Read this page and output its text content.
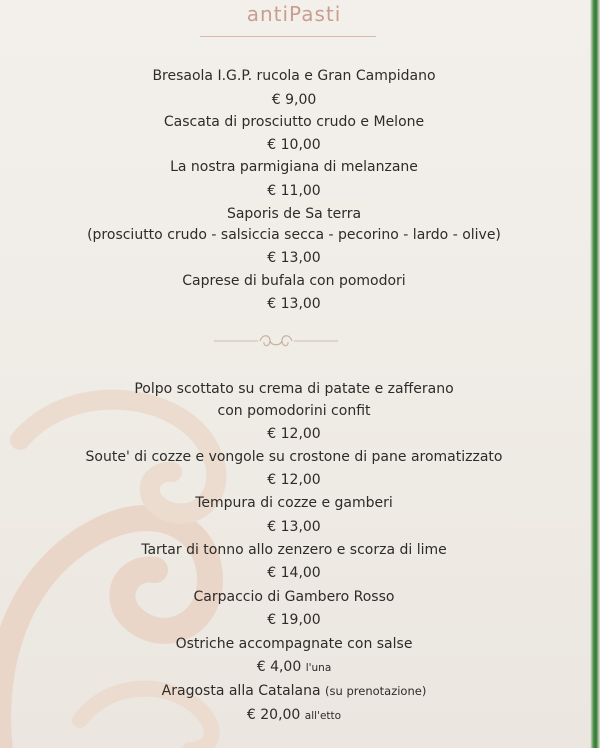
antiPasti
Bresaola I.G.P. rucola e Gran Campidano
€ 9,00
Cascata di prosciutto crudo e Melone
€ 10,00
La nostra parmigiana di melanzane
€ 11,00
Saporis de Sa terra
(prosciutto crudo - salsiccia secca - pecorino - lardo - olive)
€ 13,00
Caprese di bufala con pomodori
€ 13,00
Polpo scottato su crema di patate e zafferano
con pomodorini confit
€ 12,00
Soute' di cozze e vongole su crostone di pane aromatizzato
€ 12,00
Tempura di cozze e gamberi
€ 13,00
Tartar di tonno allo zenzero e scorza di lime
€ 14,00
Carpaccio di Gambero Rosso
€ 19,00
Ostriche accompagnate con salse
€ 4,00 l'una
Aragosta alla Catalana (su prenotazione)
€ 20,00 all'etto
